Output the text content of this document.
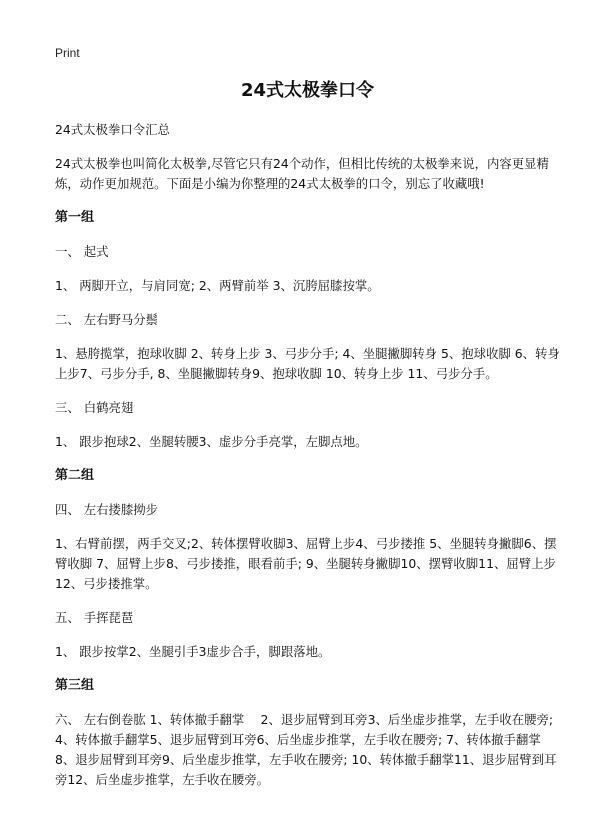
Print
24式太极拳口令

24式太极拳口令汇总

24式太极拳也叫简化太极拳,尽管它只有24个动作，但相比传统的太极拳来说，内容更显精炼，动作更加规范。下面是小编为你整理的24式太极拳的口令，别忘了收藏哦!

第一组

一、 起式

1、 两脚开立，与肩同宽; 2、两臂前举 3、沉胯屈膝按掌。

二、 左右野马分鬃

1、悬胯揽掌，抱球收脚 2、转身上步 3、弓步分手; 4、坐腿撇脚转身 5、抱球收脚 6、转身上步7、弓步分手, 8、坐腿撇脚转身9、抱球收脚 10、转身上步 11、弓步分手。

三、 白鹤亮翅

1、 跟步抱球2、坐腿转腰3、虚步分手亮掌，左脚点地。

第二组

四、 左右搂膝拗步

1、右臂前摆，两手交叉;2、转体摆臂收脚3、屈臂上步4、弓步搂推 5、坐腿转身撇脚6、摆臂收脚 7、屈臂上步8、弓步搂推，眼看前手; 9、坐腿转身撇脚10、摆臂收脚11、屈臂上步 12、弓步搂推掌。

五、 手挥琵琶

1、 跟步按掌2、坐腿引手3虚步合手，脚跟落地。

第三组

六、 左右倒卷肱 1、转体撤手翻掌　 2、退步屈臂到耳旁3、后坐虚步推掌，左手收在腰旁; 4、转体撤手翻掌5、退步屈臂到耳旁6、后坐虚步推掌，左手收在腰旁; 7、转体撤手翻掌8、退步屈臂到耳旁9、后坐虚步推掌，左手收在腰旁; 10、转体撤手翻掌11、退步屈臂到耳旁12、后坐虚步推掌，左手收在腰旁。
